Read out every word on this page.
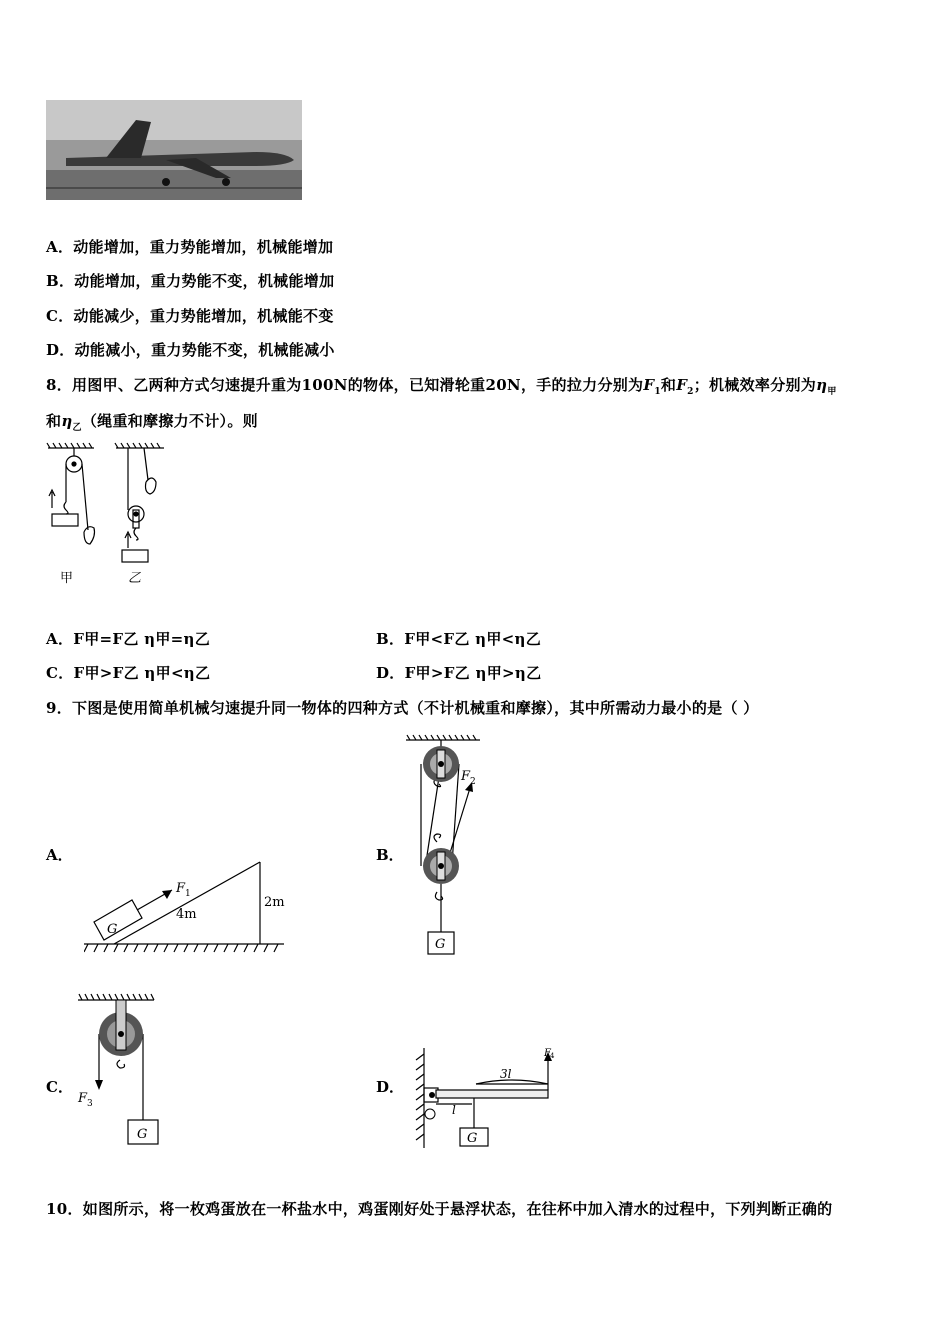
A．动能增加，重力势能增加，机械能增加
B．动能增加，重力势能不变，机械能增加
C．动能减少，重力势能增加，机械能不变
D．动能减小，重力势能不变，机械能减小
8．用图甲、乙两种方式匀速提升重为100N的物体，已知滑轮重20N，手的拉力分别为$F_1$和$F_2$；机械效率分别为$\eta_甲$
和$\eta_乙$（绳重和摩擦力不计）。则
甲	乙
A．F甲=F乙 η甲=η乙	B．F甲<F乙 η甲<η乙
C．F甲>F乙 η甲<η乙	D．F甲>F乙 η甲>η乙
9．下图是使用简单机械匀速提升同一物体的四种方式（不计机械重和摩擦），其中所需动力最小的是（ ）
A．	B．
C．	D．
G
F 1
4m
2m
F 2
G
F 3
G
F 4
3l
l
O
G
10．如图所示，将一枚鸡蛋放在一杯盐水中，鸡蛋刚好处于悬浮状态，在往杯中加入清水的过程中，下列判断正确的
